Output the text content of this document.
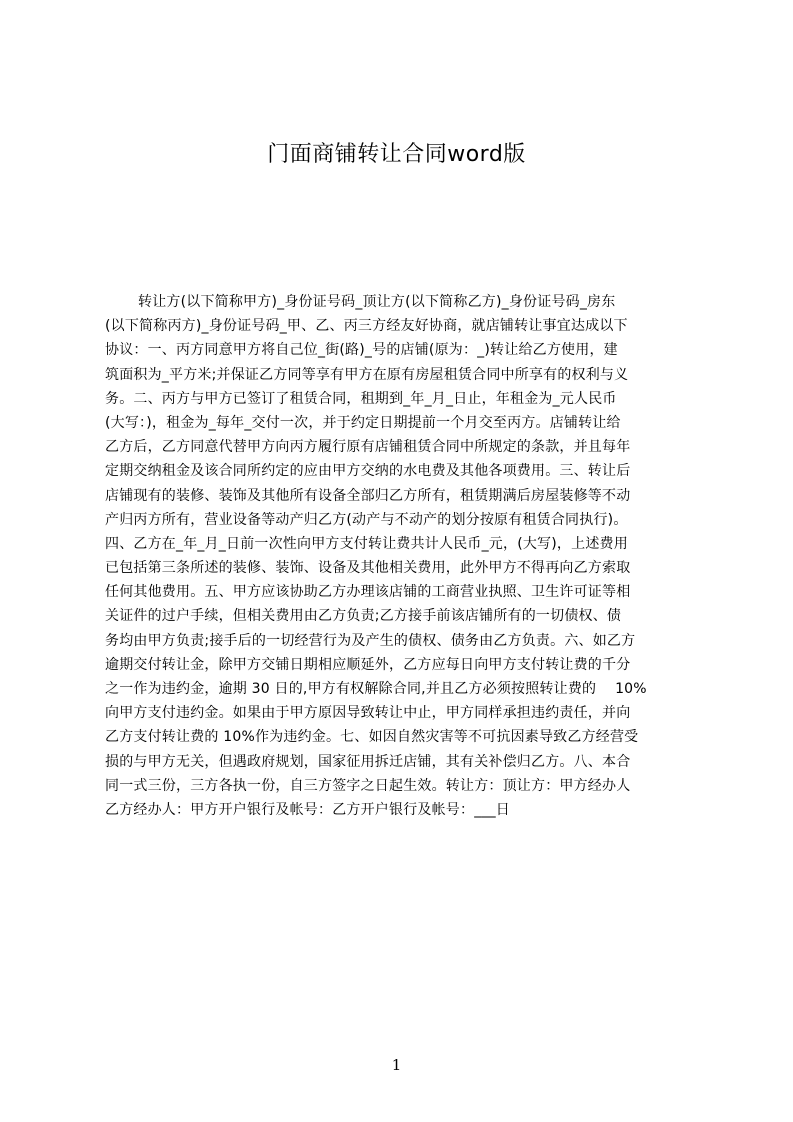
门面商铺转让合同word版
转让方(以下简称甲方)_身份证号码_顶让方(以下简称乙方)_身份证号码_房东
(以下简称丙方)_身份证号码_甲、乙、丙三方经友好协商，就店铺转让事宜达成以下
协议：一、丙方同意甲方将自己位_街(路)_号的店铺(原为：_)转让给乙方使用，建
筑面积为_平方米;并保证乙方同等享有甲方在原有房屋租赁合同中所享有的权利与义
务。二、丙方与甲方已签订了租赁合同，租期到_年_月_日止，年租金为_元人民币
(大写：)，租金为_每年_交付一次，并于约定日期提前一个月交至丙方。店铺转让给
乙方后，乙方同意代替甲方向丙方履行原有店铺租赁合同中所规定的条款，并且每年
定期交纳租金及该合同所约定的应由甲方交纳的水电费及其他各项费用。三、转让后
店铺现有的装修、装饰及其他所有设备全部归乙方所有，租赁期满后房屋装修等不动
产归丙方所有，营业设备等动产归乙方(动产与不动产的划分按原有租赁合同执行)。
四、乙方在_年_月_日前一次性向甲方支付转让费共计人民币_元，(大写)，上述费用
已包括第三条所述的装修、装饰、设备及其他相关费用，此外甲方不得再向乙方索取
任何其他费用。五、甲方应该协助乙方办理该店铺的工商营业执照、卫生许可证等相
关证件的过户手续，但相关费用由乙方负责;乙方接手前该店铺所有的一切债权、债
务均由甲方负责;接手后的一切经营行为及产生的债权、债务由乙方负责。六、如乙方
逾期交付转让金，除甲方交铺日期相应顺延外，乙方应每日向甲方支付转让费的千分
之一作为违约金，逾期 30 日的,甲方有权解除合同,并且乙方必须按照转让费的　 10%
向甲方支付违约金。如果由于甲方原因导致转让中止，甲方同样承担违约责任，并向
乙方支付转让费的 10%作为违约金。七、如因自然灾害等不可抗因素导致乙方经营受
损的与甲方无关，但遇政府规划，国家征用拆迁店铺，其有关补偿归乙方。八、本合
同一式三份，三方各执一份，自三方签字之日起生效。转让方：顶让方：甲方经办人
乙方经办人：甲方开户银行及帐号：乙方开户银行及帐号：___日
1
